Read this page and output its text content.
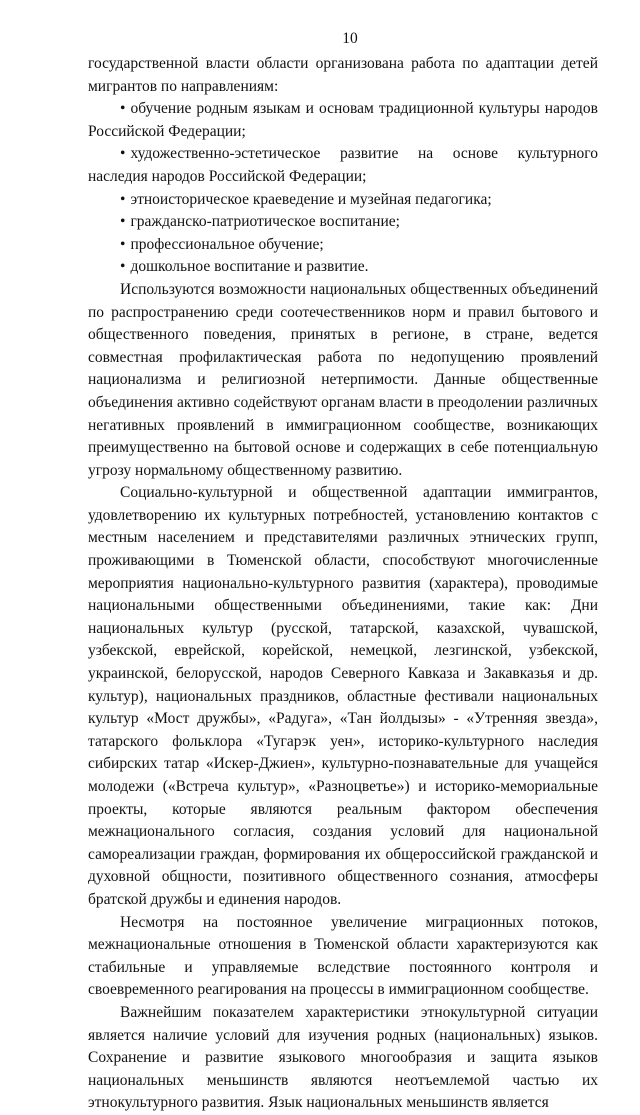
10

государственной власти области организована работа по адаптации детей мигрантов по направлениям:

• обучение родным языкам и основам традиционной культуры народов Российской Федерации;

• художественно-эстетическое развитие на основе культурного наследия народов Российской Федерации;

• этноисторическое краеведение и музейная педагогика;

• гражданско-патриотическое воспитание;

• профессиональное обучение;

• дошкольное воспитание и развитие.

Используются возможности национальных общественных объединений по распространению среди соотечественников норм и правил бытового и общественного поведения, принятых в регионе, в стране, ведется совместная профилактическая работа по недопущению проявлений национализма и религиозной нетерпимости. Данные общественные объединения активно содействуют органам власти в преодолении различных негативных проявлений в иммиграционном сообществе, возникающих преимущественно на бытовой основе и содержащих в себе потенциальную угрозу нормальному общественному развитию.

Социально-культурной и общественной адаптации иммигрантов, удовлетворению их культурных потребностей, установлению контактов с местным населением и представителями различных этнических групп, проживающими в Тюменской области, способствуют многочисленные мероприятия национально-культурного развития (характера), проводимые национальными общественными объединениями, такие как: Дни национальных культур (русской, татарской, казахской, чувашской, узбекской, еврейской, корейской, немецкой, лезгинской, узбекской, украинской, белорусской, народов Северного Кавказа и Закавказья и др. культур), национальных праздников, областные фестивали национальных культур «Мост дружбы», «Радуга», «Тан йолдызы» - «Утренняя звезда», татарского фольклора «Тугарэк уен», историко-культурного наследия сибирских татар «Искер-Джиен», культурно-познавательные для учащейся молодежи («Встреча культур», «Разноцветье») и историко-мемориальные проекты, которые являются реальным фактором обеспечения межнационального согласия, создания условий для национальной самореализации граждан, формирования их общероссийской гражданской и духовной общности, позитивного общественного сознания, атмосферы братской дружбы и единения народов.

Несмотря на постоянное увеличение миграционных потоков, межнациональные отношения в Тюменской области характеризуются как стабильные и управляемые вследствие постоянного контроля и своевременного реагирования на процессы в иммиграционном сообществе.

Важнейшим показателем характеристики этнокультурной ситуации является наличие условий для изучения родных (национальных) языков. Сохранение и развитие языкового многообразия и защита языков национальных меньшинств являются неотъемлемой частью их этнокультурного развития. Язык национальных меньшинств является
